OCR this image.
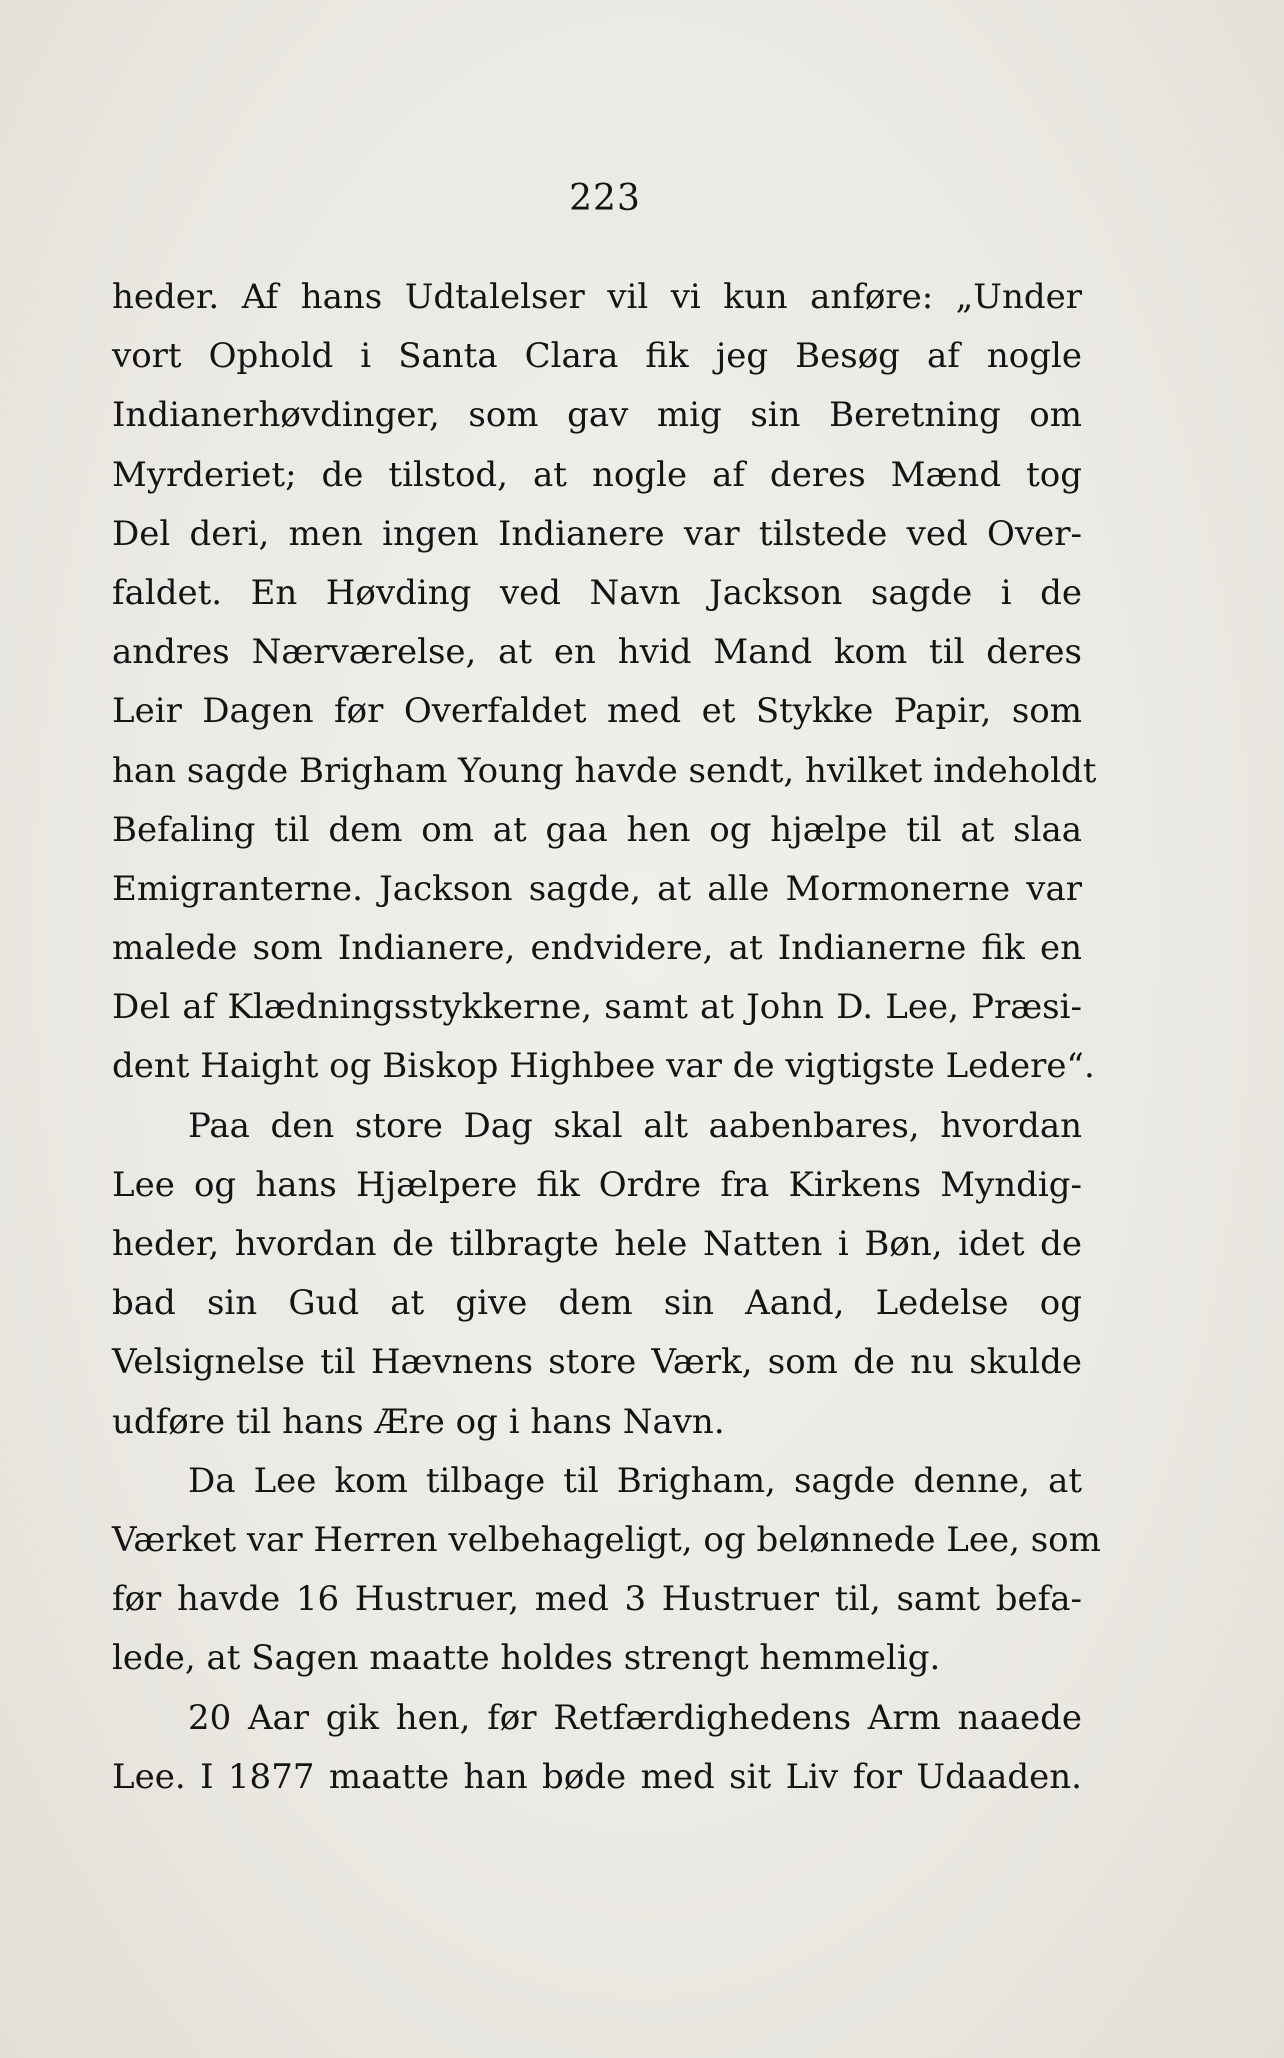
223
heder. Af hans Udtalelser vil vi kun anføre: „Under
vort Ophold i Santa Clara fik jeg Besøg af nogle
Indianerhøvdinger, som gav mig sin Beretning om
Myrderiet; de tilstod, at nogle af deres Mænd tog
Del deri, men ingen Indianere var tilstede ved Over-
faldet. En Høvding ved Navn Jackson sagde i de
andres Nærværelse, at en hvid Mand kom til deres
Leir Dagen før Overfaldet med et Stykke Papir, som
han sagde Brigham Young havde sendt, hvilket indeholdt
Befaling til dem om at gaa hen og hjælpe til at slaa
Emigranterne. Jackson sagde, at alle Mormonerne var
malede som Indianere, endvidere, at Indianerne fik en
Del af Klædningsstykkerne, samt at John D. Lee, Præsi-
dent Haight og Biskop Highbee var de vigtigste Ledere“.
Paa den store Dag skal alt aabenbares, hvordan
Lee og hans Hjælpere fik Ordre fra Kirkens Myndig-
heder, hvordan de tilbragte hele Natten i Bøn, idet de
bad sin Gud at give dem sin Aand, Ledelse og
Velsignelse til Hævnens store Værk, som de nu skulde
udføre til hans Ære og i hans Navn.
Da Lee kom tilbage til Brigham, sagde denne, at
Værket var Herren velbehageligt, og belønnede Lee, som
før havde 16 Hustruer, med 3 Hustruer til, samt befa-
lede, at Sagen maatte holdes strengt hemmelig.
20 Aar gik hen, før Retfærdighedens Arm naaede
Lee. I 1877 maatte han bøde med sit Liv for Udaaden.
